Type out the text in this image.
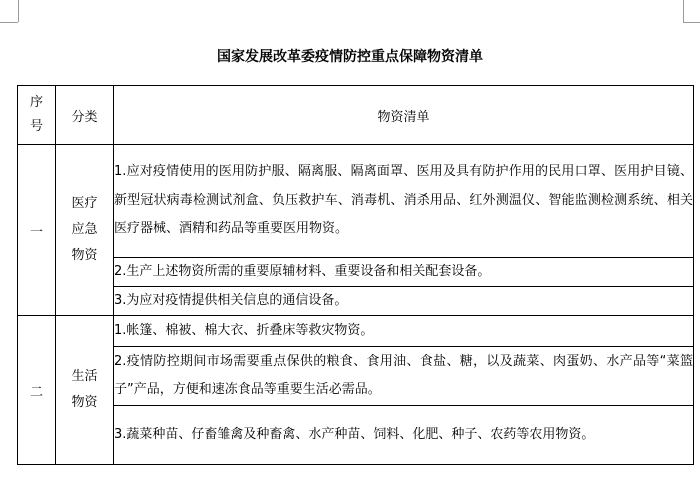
国家发展改革委疫情防控重点保障物资清单
序号	分类	物资清单
一	医疗应急物资	1.应对疫情使用的医用防护服、隔离服、隔离面罩、医用及具有防护作用的民用口罩、医用护目镜、新型冠状病毒检测试剂盒、负压救护车、消毒机、消杀用品、红外测温仪、智能监测检测系统、相关医疗器械、酒精和药品等重要医用物资。

		2.生产上述物资所需的重要原辅材料、重要设备和相关配套设备。

		3.为应对疫情提供相关信息的通信设备。

二	生活物资	1.帐篷、棉被、棉大衣、折叠床等救灾物资。

		2.疫情防控期间市场需要重点保供的粮食、食用油、食盐、糖，以及蔬菜、肉蛋奶、水产品等“菜篮子”产品，方便和速冻食品等重要生活必需品。

		3.蔬菜种苗、仔畜雏禽及种畜禽、水产种苗、饲料、化肥、种子、农药等农用物资。
